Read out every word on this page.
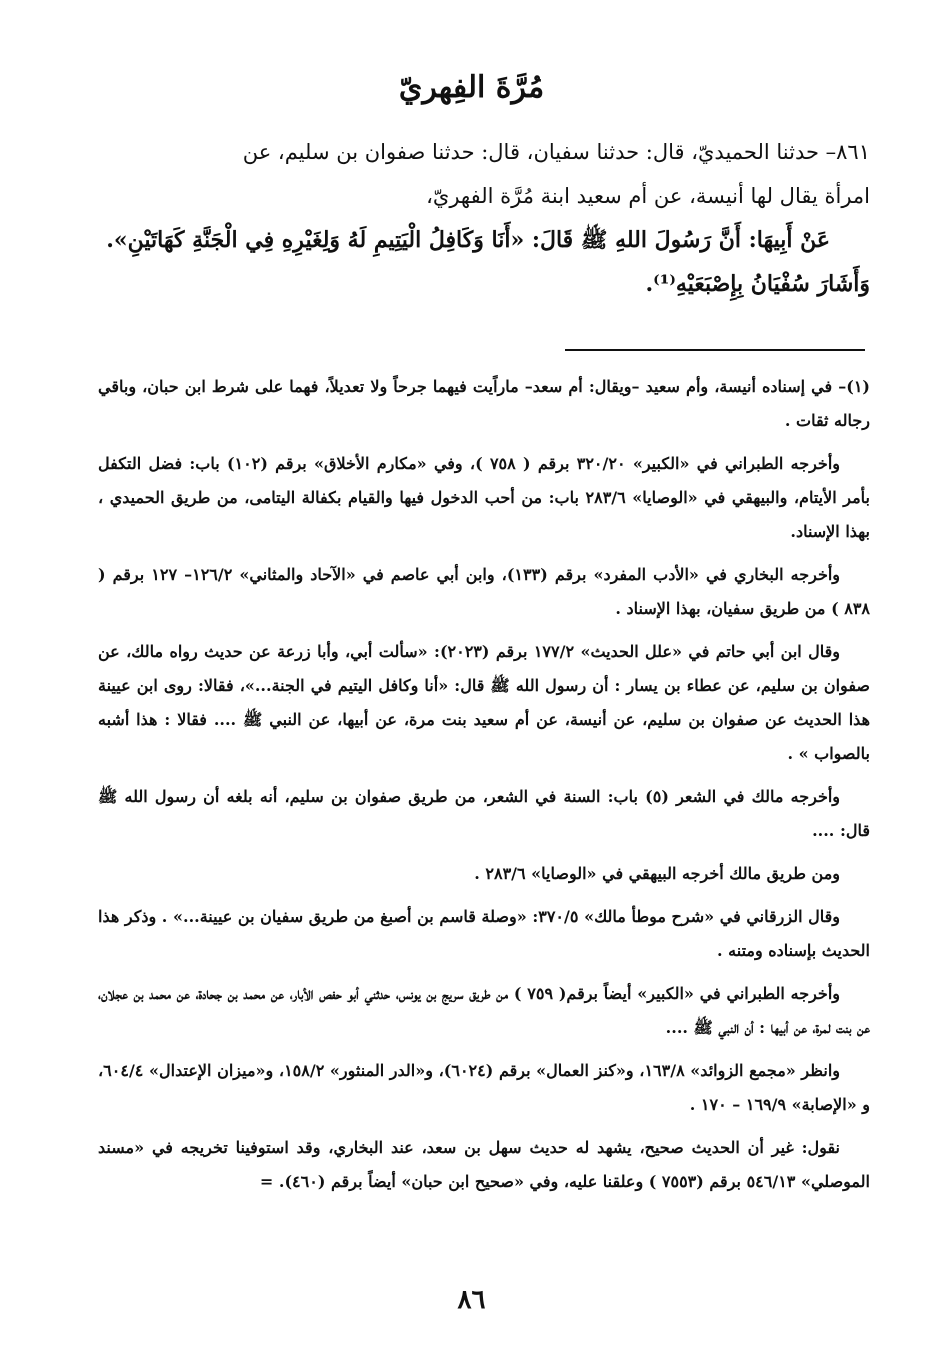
مُرَّةَ الفِهريّ

٨٦١– حدثنا الحميديّ، قال: حدثنا سفيان، قال: حدثنا صفوان بن سليم، عن

امرأة يقال لها أنيسة، عن أم سعيد ابنة مُرَّة الفهريّ،

عَنْ أَبِيهَا: أَنَّ رَسُولَ اللهِ ﷺ قَالَ: «أَنَا وَكَافِلُ الْيَتِيمِ لَهُ وَلِغَيْرِهِ فِي الْجَنَّةِ كَهَاتَيْنِ».

وَأَشَارَ سُفْيَانُ بِإِصْبَعَيْهِ⁽¹⁾.

(١)– في إسناده أنيسة، وأم سعيد –ويقال: أم سعد– ماراًيت فيهما جرحاً ولا تعديلاً، فهما على شرط ابن حبان، وباقي رجاله ثقات .

وأخرجه الطبراني في «الكبير» ٣٢٠/٢٠ برقم ( ٧٥٨ )، وفي «مكارم الأخلاق» برقم (١٠٢) باب: فضل التكفل بأمر الأيتام، والبيهقي في «الوصايا» ٢٨٣/٦ باب: من أحب الدخول فيها والقيام بكفالة اليتامى، من طريق الحميدي ، بهذا الإسناد.

وأخرجه البخاري في «الأدب المفرد» برقم (١٣٣)، وابن أبي عاصم في «الآحاد والمثاني» ١٢٦/٢– ١٢٧ برقم ( ٨٣٨ ) من طريق سفيان، بهذا الإسناد .

وقال ابن أبي حاتم في «علل الحديث» ١٧٧/٢ برقم (٢٠٢٣): «سألت أبي، وأبا زرعة عن حديث رواه مالك، عن صفوان بن سليم، عن عطاء بن يسار : أن رسول الله ﷺ قال: «أنا وكافل اليتيم في الجنة...»، فقالا: روى ابن عيينة هذا الحديث عن صفوان بن سليم، عن أنيسة، عن أم سعيد بنت مرة، عن أبيها، عن النبي ﷺ .... فقالا : هذا أشبه بالصواب » .

وأخرجه مالك في الشعر (٥) باب: السنة في الشعر، من طريق صفوان بن سليم، أنه بلغه أن رسول الله ﷺ قال: ....

ومن طريق مالك أخرجه البيهقي في «الوصايا» ٢٨٣/٦ .

وقال الزرقاني في «شرح موطأ مالك» ٣٧٠/٥: «وصلة قاسم بن أصبغ من طريق سفيان بن عيينة...» . وذكر هذا الحديث بإسناده ومتنه .

وأخرجه الطبراني في «الكبير» أيضاً برقم( ٧٥٩ ) من طريق سريج بن يونس، حدثني أبو حفص الأبار، عن محمد بن جحادة، عن محمد بن عجلان، عن بنت لمرة، عن أبيها : أن النبي ﷺ ....

وانظر «مجمع الزوائد» ١٦٣/٨، و«كنز العمال» برقم (٦٠٢٤)، و«الدر المنثور» ١٥٨/٢، و«ميزان الإعتدال» ٦٠٤/٤، و «الإصابة» ١٦٩/٩ – ١٧٠ .

نقول: غير أن الحديث صحيح، يشهد له حديث سهل بن سعد، عند البخاري، وقد استوفينا تخريجه في «مسند الموصلي» ٥٤٦/١٣ برقم (٧٥٥٣ ) وعلقنا عليه، وفي «صحيح ابن حبان» أيضاً برقم (٤٦٠). =

٨٦
